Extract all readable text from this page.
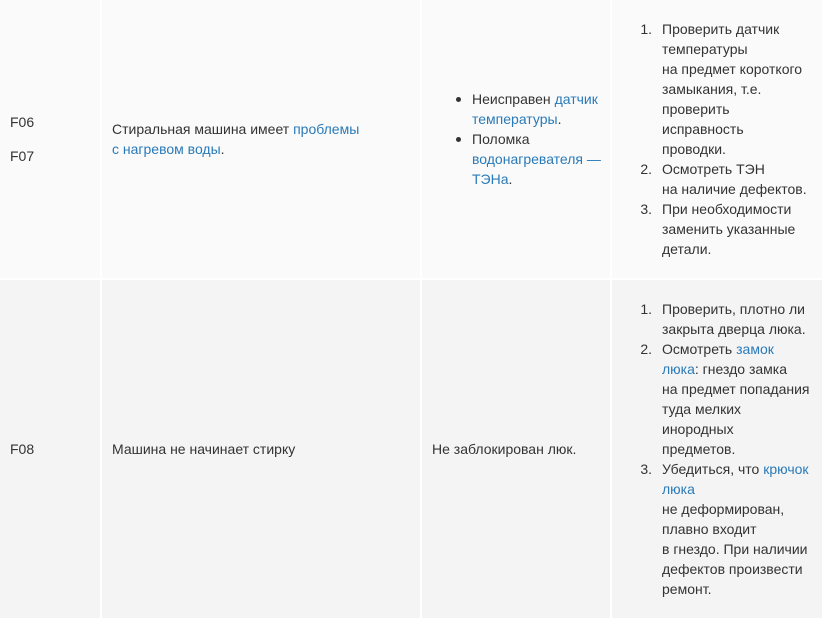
F06
F07
Стиральная машина имеет проблемы
с нагревом воды.
Неисправен датчик
температуры.
Поломка
водонагревателя —
ТЭНа.
1. Проверить датчик
температуры
на предмет короткого
замыкания, т.е.
проверить
исправность
проводки.
2. Осмотреть ТЭН
на наличие дефектов.
3. При необходимости
заменить указанные
детали.
F08	Машина не начинает стирку	Не заблокирован люк.
1. Проверить, плотно ли
закрыта дверца люка.
2. Осмотреть замок
люка: гнездо замка
на предмет попадания
туда мелких
инородных
предметов.
3. Убедиться, что крючок
люка
не деформирован,
плавно входит
в гнездо. При наличии
дефектов произвести
ремонт.
